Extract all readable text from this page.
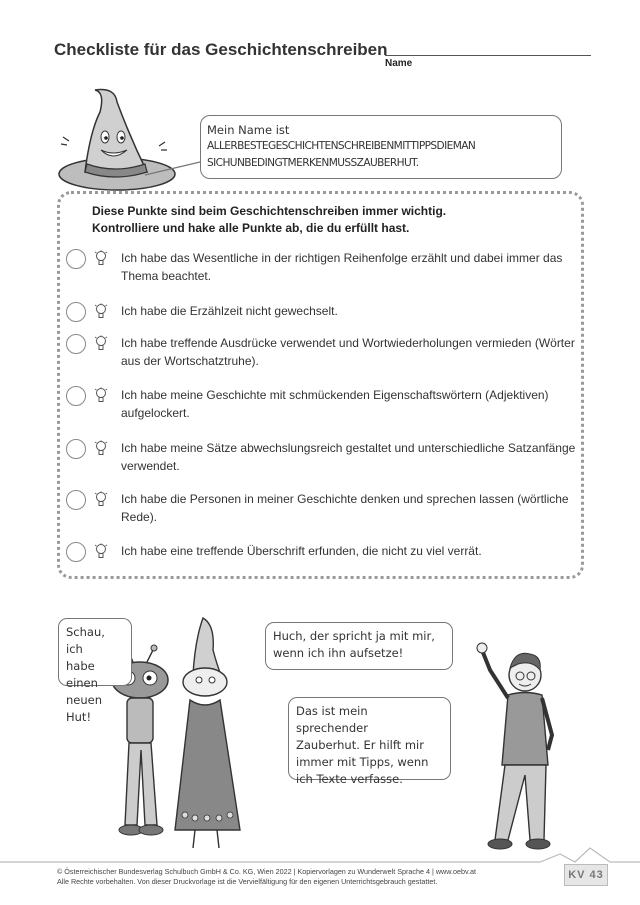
Checkliste für das Geschichtenschreiben
Name
Mein Name ist
ALLERBESTEGESCHICHTENSCHREIBENMITTIPPSDIEMAN
SICHUNBEDINGTMERKENMUSSZAUBERHUT.
Diese Punkte sind beim Geschichtenschreiben immer wichtig.
Kontrolliere und hake alle Punkte ab, die du erfüllt hast.
Ich habe das Wesentliche in der richtigen Reihenfolge erzählt und dabei immer das Thema beachtet.
Ich habe die Erzählzeit nicht gewechselt.
Ich habe treffende Ausdrücke verwendet und Wortwiederholungen vermieden (Wörter aus der Wortschatztruhe).
Ich habe meine Geschichte mit schmückenden Eigenschaftswörtern (Adjektiven) aufgelockert.
Ich habe meine Sätze abwechslungsreich gestaltet und unterschiedliche Satzanfänge verwendet.
Ich habe die Personen in meiner Geschichte denken und sprechen lassen (wörtliche Rede).
Ich habe eine treffende Überschrift erfunden, die nicht zu viel verrät.
Schau, ich
habe einen
neuen Hut!
Huch, der spricht ja mit mir,
wenn ich ihn aufsetze!
Das ist mein sprechender
Zauberhut. Er hilft mir
immer mit Tipps, wenn
ich Texte verfasse.
© Österreichischer Bundesverlag Schulbuch GmbH & Co. KG, Wien 2022 | Kopiervorlagen zu Wunderwelt Sprache 4 | www.oebv.at
Alle Rechte vorbehalten. Von dieser Druckvorlage ist die Vervielfältigung für den eigenen Unterrichtsgebrauch gestattet.
KV 43
